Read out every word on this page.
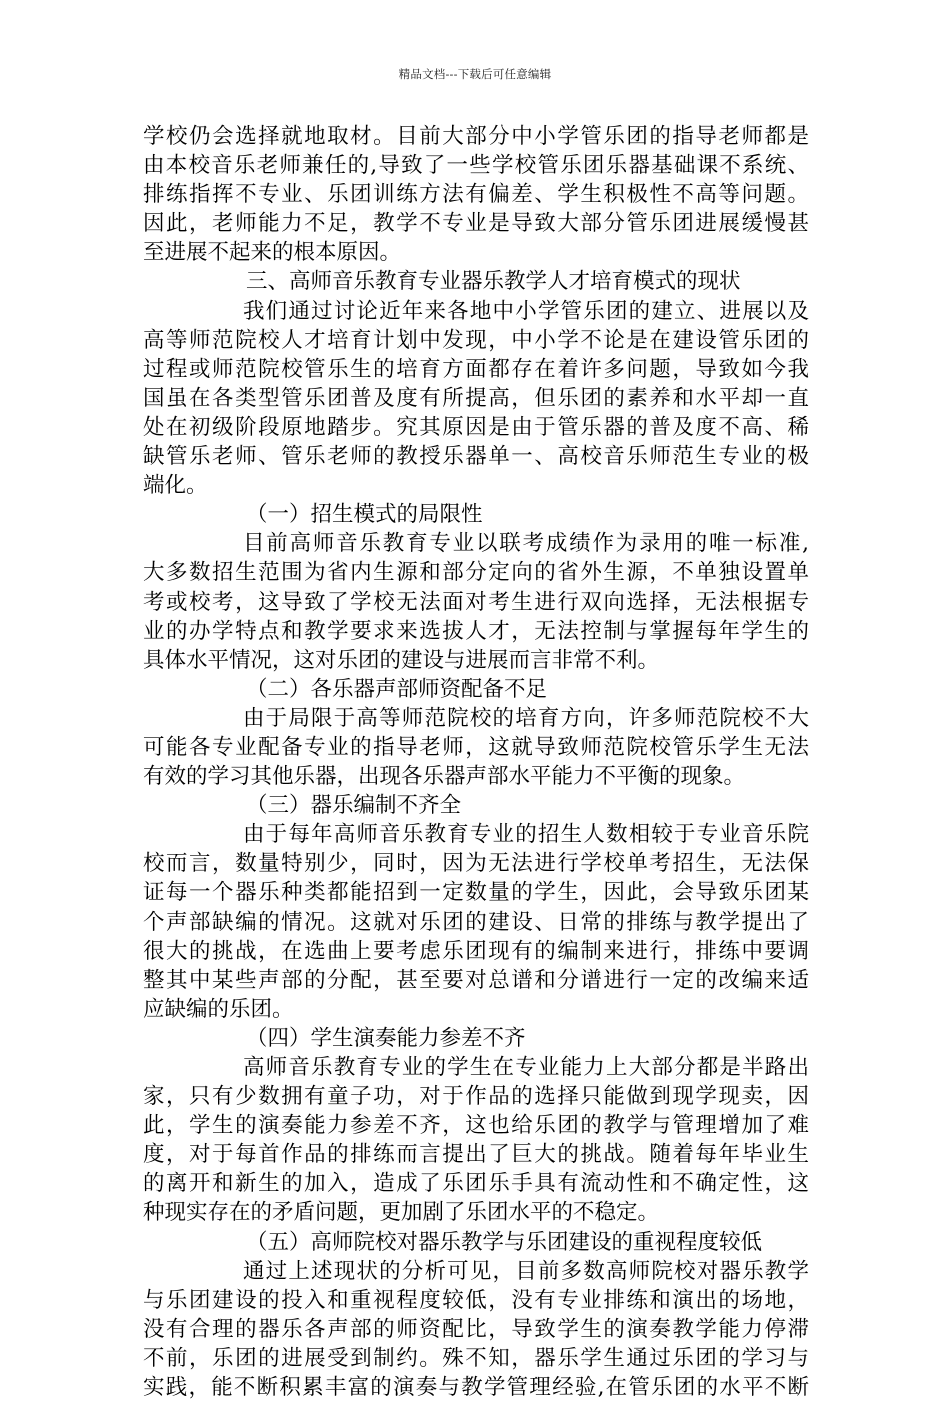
精品文档---下载后可任意编辑
学校仍会选择就地取材。目前大部分中小学管乐团的指导老师都是
由本校音乐老师兼任的,导致了一些学校管乐团乐器基础课不系统、
排练指挥不专业、乐团训练方法有偏差、学生积极性不高等问题。
因此，老师能力不足，教学不专业是导致大部分管乐团进展缓慢甚
至进展不起来的根本原因。
三、高师音乐教育专业器乐教学人才培育模式的现状
我们通过讨论近年来各地中小学管乐团的建立、进展以及
高等师范院校人才培育计划中发现，中小学不论是在建设管乐团的
过程或师范院校管乐生的培育方面都存在着许多问题，导致如今我
国虽在各类型管乐团普及度有所提高，但乐团的素养和水平却一直
处在初级阶段原地踏步。究其原因是由于管乐器的普及度不高、稀
缺管乐老师、管乐老师的教授乐器单一、高校音乐师范生专业的极
端化。
（一）招生模式的局限性
目前高师音乐教育专业以联考成绩作为录用的唯一标准,
大多数招生范围为省内生源和部分定向的省外生源，不单独设置单
考或校考，这导致了学校无法面对考生进行双向选择，无法根据专
业的办学特点和教学要求来选拔人才，无法控制与掌握每年学生的
具体水平情况，这对乐团的建设与进展而言非常不利。
（二）各乐器声部师资配备不足
由于局限于高等师范院校的培育方向，许多师范院校不大
可能各专业配备专业的指导老师，这就导致师范院校管乐学生无法
有效的学习其他乐器，出现各乐器声部水平能力不平衡的现象。
（三）器乐编制不齐全
由于每年高师音乐教育专业的招生人数相较于专业音乐院
校而言，数量特别少，同时，因为无法进行学校单考招生，无法保
证每一个器乐种类都能招到一定数量的学生，因此，会导致乐团某
个声部缺编的情况。这就对乐团的建设、日常的排练与教学提出了
很大的挑战，在选曲上要考虑乐团现有的编制来进行，排练中要调
整其中某些声部的分配，甚至要对总谱和分谱进行一定的改编来适
应缺编的乐团。
（四）学生演奏能力参差不齐
高师音乐教育专业的学生在专业能力上大部分都是半路出
家，只有少数拥有童子功，对于作品的选择只能做到现学现卖，因
此，学生的演奏能力参差不齐，这也给乐团的教学与管理增加了难
度，对于每首作品的排练而言提出了巨大的挑战。随着每年毕业生
的离开和新生的加入，造成了乐团乐手具有流动性和不确定性，这
种现实存在的矛盾问题，更加剧了乐团水平的不稳定。
（五）高师院校对器乐教学与乐团建设的重视程度较低
通过上述现状的分析可见，目前多数高师院校对器乐教学
与乐团建设的投入和重视程度较低，没有专业排练和演出的场地，
没有合理的器乐各声部的师资配比，导致学生的演奏教学能力停滞
不前，乐团的进展受到制约。殊不知，器乐学生通过乐团的学习与
实践，能不断积累丰富的演奏与教学管理经验,在管乐团的水平不断
